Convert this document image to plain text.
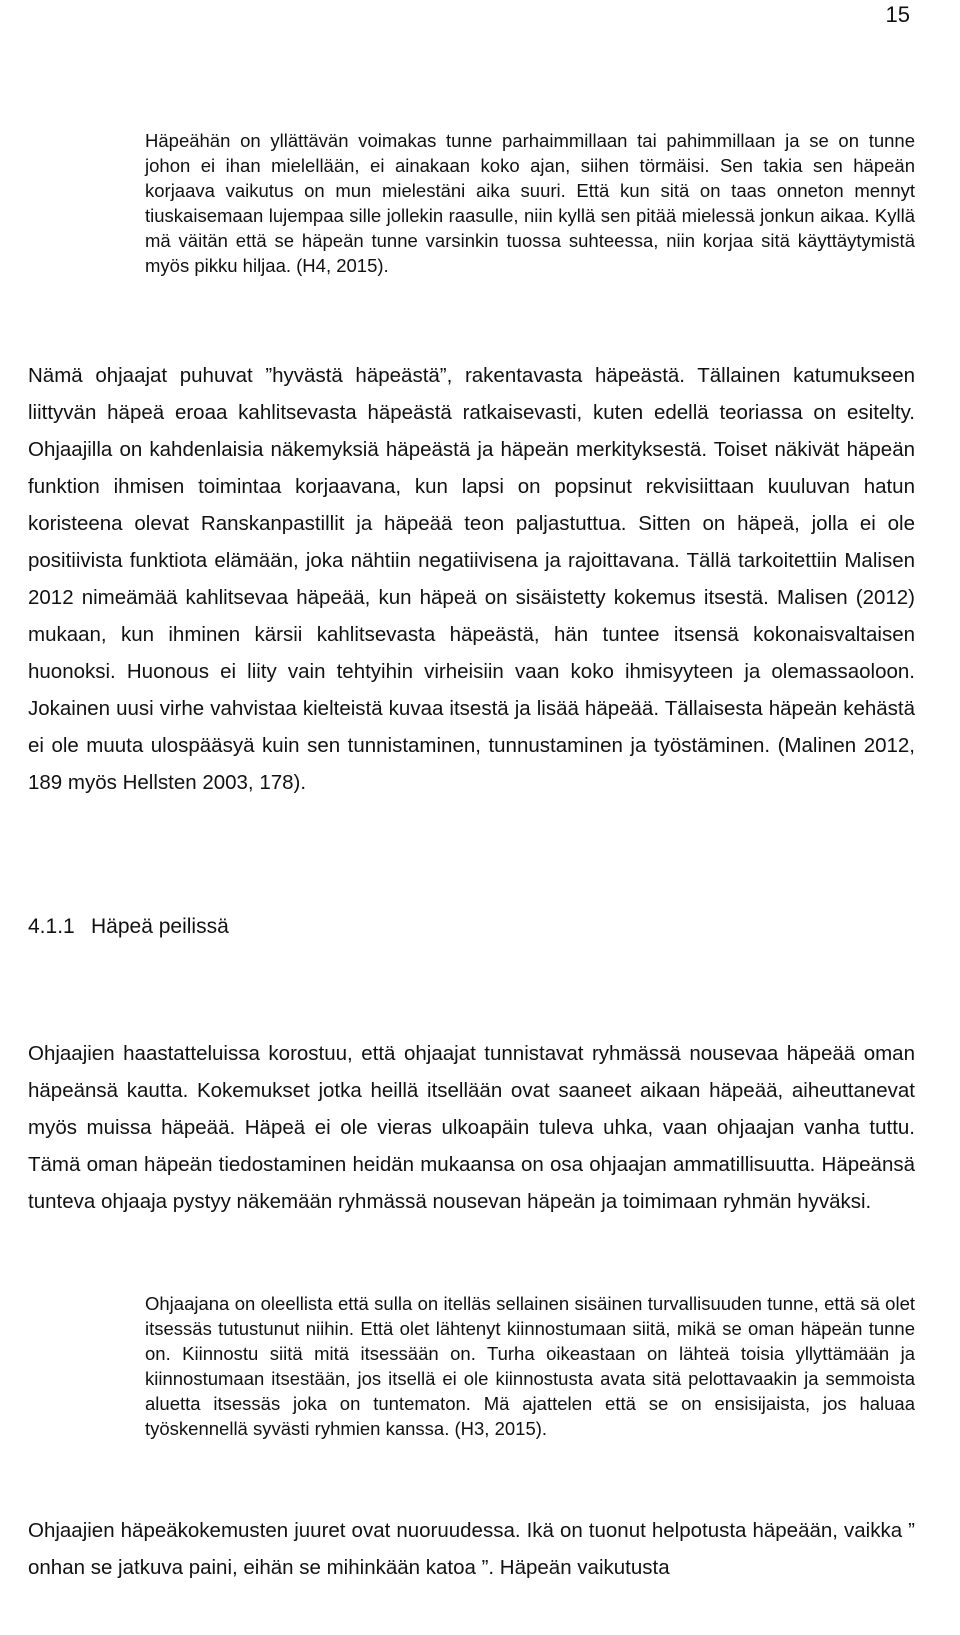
15

Häpeähän on yllättävän voimakas tunne parhaimmillaan tai pahimmillaan ja se on tunne johon ei ihan mielellään, ei ainakaan koko ajan, siihen törmäisi. Sen takia sen häpeän korjaava vaikutus on mun mielestäni aika suuri. Että kun sitä on taas onneton mennyt tiuskaisemaan lujempaa sille jollekin raasulle, niin kyllä sen pitää mielessä jonkun aikaa. Kyllä mä väitän että se häpeän tunne varsinkin tuossa suhteessa, niin korjaa sitä käyttäytymistä myös pikku hiljaa. (H4, 2015).

Nämä ohjaajat puhuvat ”hyvästä häpeästä”, rakentavasta häpeästä. Tällainen katumukseen liittyvän häpeä eroaa kahlitsevasta häpeästä ratkaisevasti, kuten edellä teoriassa on esitelty. Ohjaajilla on kahdenlaisia näkemyksiä häpeästä ja häpeän merkityksestä. Toiset näkivät häpeän funktion ihmisen toimintaa korjaavana, kun lapsi on popsinut rekvisiittaan kuuluvan hatun koristeena olevat Ranskanpastillit ja häpeää teon paljastuttua. Sitten on häpeä, jolla ei ole positiivista funktiota elämään, joka nähtiin negatiivisena ja rajoittavana. Tällä tarkoitettiin Malisen 2012 nimeämää kahlitsevaa häpeää, kun häpeä on sisäistetty kokemus itsestä. Malisen (2012) mukaan, kun ihminen kärsii kahlitsevasta häpeästä, hän tuntee itsensä kokonaisvaltaisen huonoksi. Huonous ei liity vain tehtyihin virheisiin vaan koko ihmisyyteen ja olemassaoloon. Jokainen uusi virhe vahvistaa kielteistä kuvaa itsestä ja lisää häpeää. Tällaisesta häpeän kehästä ei ole muuta ulospääsyä kuin sen tunnistaminen, tunnustaminen ja työstäminen. (Malinen 2012, 189 myös Hellsten 2003, 178).

4.1.1 Häpeä peilissä

Ohjaajien haastatteluissa korostuu, että ohjaajat tunnistavat ryhmässä nousevaa häpeää oman häpeänsä kautta. Kokemukset jotka heillä itsellään ovat saaneet aikaan häpeää, aiheuttanevat myös muissa häpeää. Häpeä ei ole vieras ulkoapäin tuleva uhka, vaan ohjaajan vanha tuttu. Tämä oman häpeän tiedostaminen heidän mukaansa on osa ohjaajan ammatillisuutta. Häpeänsä tunteva ohjaaja pystyy näkemään ryhmässä nousevan häpeän ja toimimaan ryhmän hyväksi.

Ohjaajana on oleellista että sulla on itelläs sellainen sisäinen turvallisuuden tunne, että sä olet itsessäs tutustunut niihin. Että olet lähtenyt kiinnostumaan siitä, mikä se oman häpeän tunne on. Kiinnostu siitä mitä itsessään on. Turha oikeastaan on lähteä toisia yllyttämään ja kiinnostumaan itsestään, jos itsellä ei ole kiinnostusta avata sitä pelottavaakin ja semmoista aluetta itsessäs joka on tuntematon. Mä ajattelen että se on ensisijaista, jos haluaa työskennellä syvästi ryhmien kanssa. (H3, 2015).

Ohjaajien häpeäkokemusten juuret ovat nuoruudessa. Ikä on tuonut helpotusta häpeään, vaikka ” onhan se jatkuva paini, eihän se mihinkään katoa ”. Häpeän vaikutusta
